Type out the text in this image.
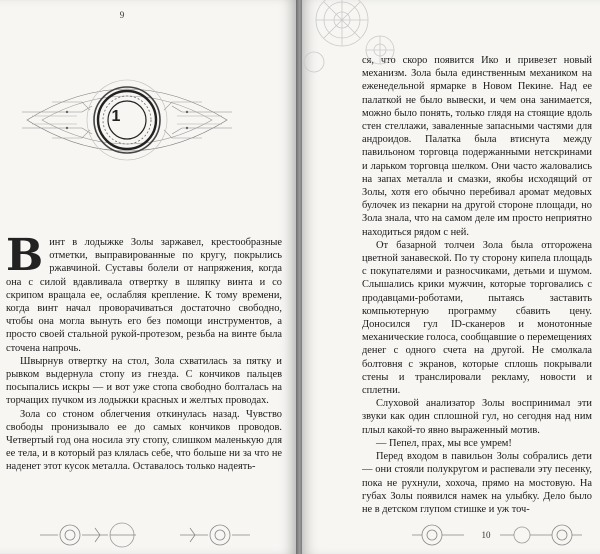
1
В инт в лодыжке Золы заржавел, крестообразные отметки, выправированные по кругу, покрылись ржавчиной. Суставы болели от напряжения, когда она с силой вдавливала отвертку в шляпку винта и со скрипом вращала ее, ослабляя крепление. К тому времени, когда винт начал проворачиваться достаточно свободно, чтобы она могла вынуть его без помощи инструментов, а просто своей стальной рукой-протезом, резьба на винте была сточена напрочь.

Швырнув отвертку на стол, Зола схватилась за пятку и рывком выдернула стопу из гнезда. С кончиков пальцев посыпались искры — и вот уже стопа свободно болталась на торчащих пучком из лодыжки красных и желтых проводах.

Зола со стоном облегчения откинулась назад. Чувство свободы пронизывало ее до самых кончиков проводов. Четвертый год она носила эту стопу, слишком маленькую для ее тела, и в который раз клялась себе, что больше ни за что не наденет этот кусок металла. Оставалось только надеять-

9

ся, что скоро появится Ико и привезет новый механизм. Зола была единственным механиком на еженедельной ярмарке в Новом Пекине. Над ее палаткой не было вывески, и чем она занимается, можно было понять, только глядя на стоящие вдоль стен стеллажи, заваленные запасными частями для андроидов. Палатка была втиснута между павильоном торговца подержанными нетскринами и ларьком торговца шелком. Они часто жаловались на запах металла и смазки, якобы исходящий от Золы, хотя его обычно перебивал аромат медовых булочек из пекарни на другой стороне площади, но Зола знала, что на самом деле им просто неприятно находиться рядом с ней.

От базарной толчеи Зола была отгорожена цветной занавеской. По ту сторону кипела площадь с покупателями и разносчиками, детьми и шумом. Слышались крики мужчин, которые торговались с продавцами-роботами, пытаясь заставить компьютерную программу сбавить цену. Доносился гул ID-сканеров и монотонные механические голоса, сообщавшие о перемещениях денег с одного счета на другой. Не смолкала болтовня с экранов, которые сплошь покрывали стены и транслировали рекламу, новости и сплетни.

Слуховой анализатор Золы воспринимал эти звуки как один сплошной гул, но сегодня над ним плыл какой-то явно выраженный мотив.

— Пепел, прах, мы все умрем!

Перед входом в павильон Золы собрались дети — они стояли полукругом и распевали эту песенку, пока не рухнули, хохоча, прямо на мостовую. На губах Золы появился намек на улыбку. Дело было не в детском глупом стишке и уж точ-

10
